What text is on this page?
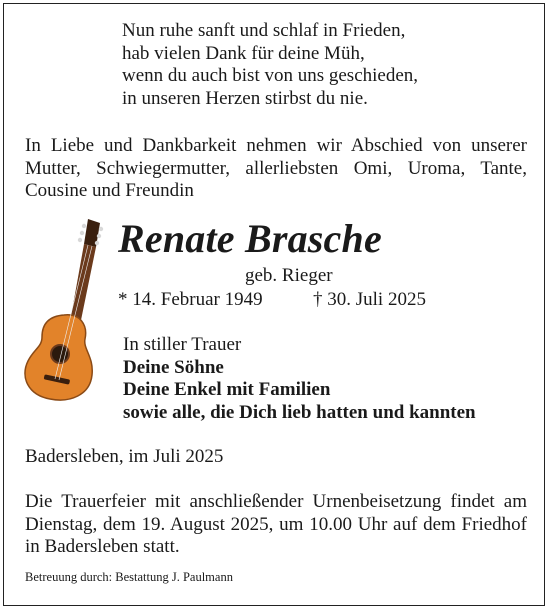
Nun ruhe sanft und schlaf in Frieden,
hab vielen Dank für deine Müh,
wenn du auch bist von uns geschieden,
in unseren Herzen stirbst du nie.
In Liebe und Dankbarkeit nehmen wir Abschied von unserer Mutter, Schwiegermutter, allerliebsten Omi, Uroma, Tante, Cousine und Freundin
Renate Brasche
geb. Rieger
* 14. Februar 1949	† 30. Juli 2025
In stiller Trauer
Deine Söhne
Deine Enkel mit Familien
sowie alle, die Dich lieb hatten und kannten
Badersleben, im Juli 2025
Die Trauerfeier mit anschließender Urnenbeisetzung findet am Dienstag, dem 19. August 2025, um 10.00 Uhr auf dem Friedhof in Badersleben statt.
Betreuung durch: Bestattung J. Paulmann
